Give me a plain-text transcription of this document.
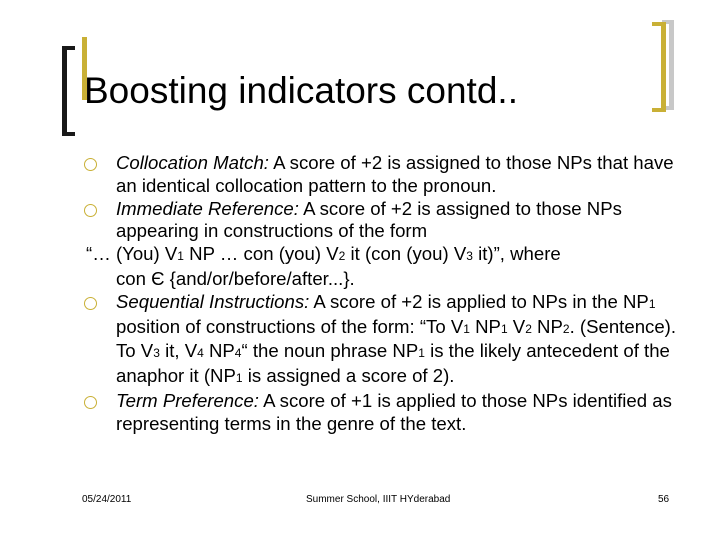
Boosting indicators contd..
Collocation Match: A score of +2 is assigned to those NPs that have an identical collocation pattern to the pronoun.
Immediate Reference: A score of +2 is assigned to those NPs appearing in constructions of the form
“… (You) V1 NP … con (you) V2 it (con (you) V3 it)”, where
con Є {and/or/before/after...}.
Sequential Instructions: A score of +2 is applied to NPs in the NP1 position of constructions of the form: “To V1 NP1 V2 NP2. (Sentence). To V3 it, V4 NP4“ the noun phrase NP1 is the likely antecedent of the anaphor it (NP1 is assigned a score of 2).
Term Preference: A score of +1 is applied to those NPs identified as representing terms in the genre of the text.
05/24/2011	Summer School, IIIT HYderabad	56
